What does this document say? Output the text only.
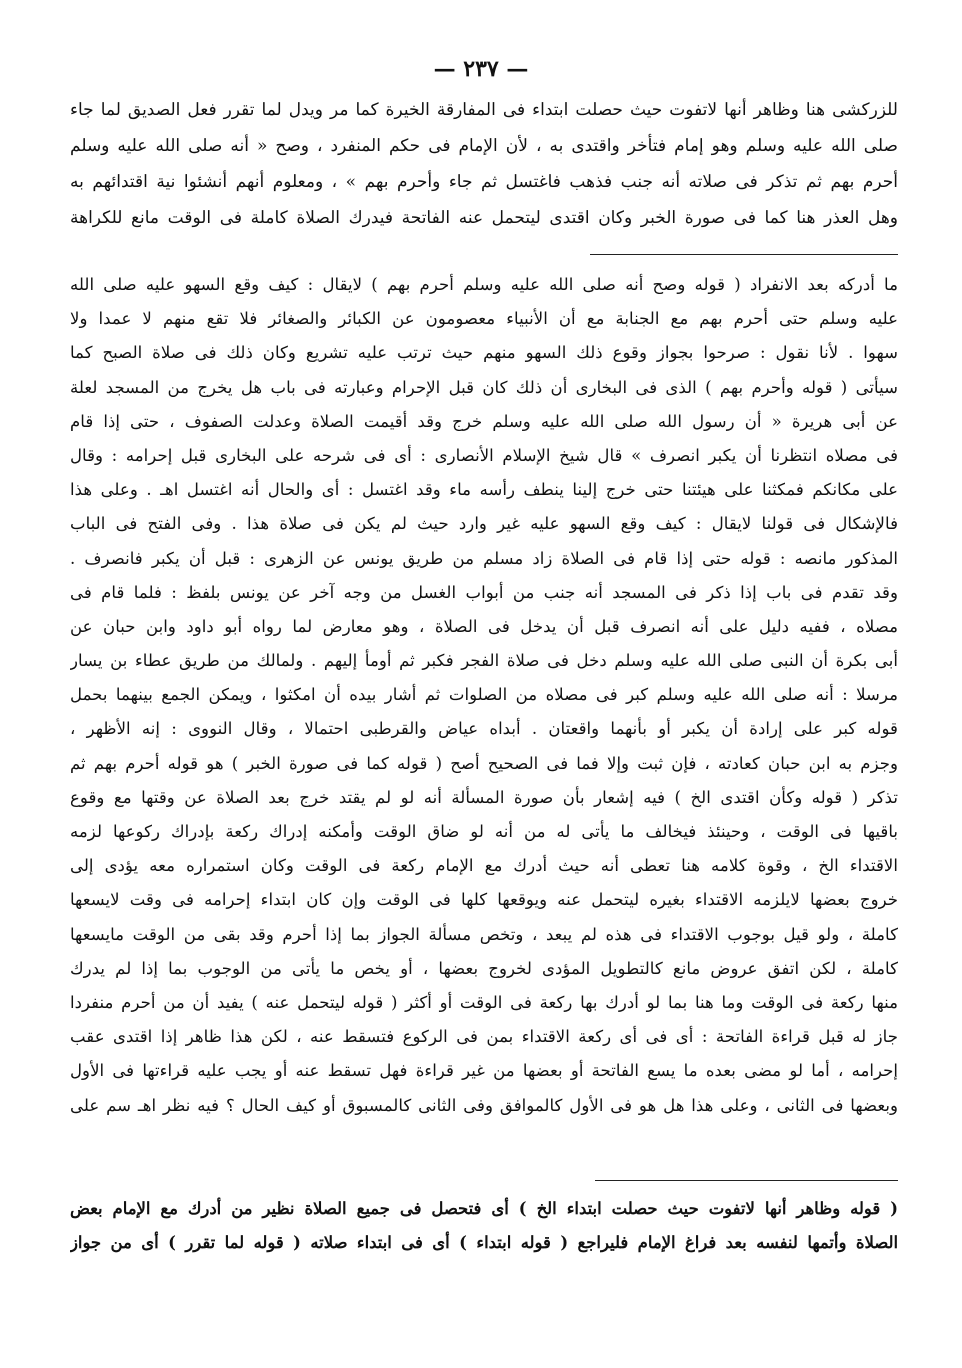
— ٢٣٧ —
للزركشى هنا وظاهر أنها لاتفوت حيث حصلت ابتداء فى المفارقة الخيرة كما مر ويدل لما تقرر فعل الصديق لما جاء
صلى الله عليه وسلم وهو إمام فتأخر واقتدى به ، لأن الإمام فى حكم المنفرد ، وصح « أنه صلى الله عليه وسلم
أحرم بهم ثم تذكر فى صلاته أنه جنب فذهب فاغتسل ثم جاء وأحرم بهم » ، ومعلوم أنهم أنشئوا نية اقتدائهم به
وهل العذر هنا كما فى صورة الخبر وكان اقتدى ليتحمل عنه الفاتحة فيدرك الصلاة كاملة فى الوقت مانع للكراهة
ما أدركه بعد الانفراد ( قوله وصح أنه صلى الله عليه وسلم أحرم بهم ) لايقال : كيف وقع السهو عليه صلى الله
عليه وسلم حتى أحرم بهم مع الجنابة مع أن الأنبياء معصومون عن الكبائر والصغائر فلا تقع منهم لا عمدا ولا
سهوا . لأنا نقول : صرحوا بجواز وقوع ذلك السهو منهم حيث ترتب عليه تشريع وكان ذلك فى صلاة الصبح كما
سيأتى ( قوله وأحرم بهم ) الذى فى البخارى أن ذلك كان قبل الإحرام وعبارته فى باب هل يخرج من المسجد لعلة
عن أبى هريرة « أن رسول الله صلى الله عليه وسلم خرج وقد أقيمت الصلاة وعدلت الصفوف ، حتى إذا قام
فى مصلاه انتظرنا أن يكبر انصرف » قال شيخ الإسلام الأنصارى : أى فى شرحه على البخارى قبل إحرامه : وقال
على مكانكم فمكثنا على هيئتنا حتى خرج إلينا ينطف رأسه ماء وقد اغتسل : أى والحال أنه اغتسل اهـ . وعلى هذا
فالإشكال فى قولنا لايقال : كيف وقع السهو عليه غير وارد حيث لم يكن فى صلاة هذا . وفى الفتح فى الباب
المذكور مانصه : قوله حتى إذا قام فى الصلاة زاد مسلم من طريق يونس عن الزهرى : قبل أن يكبر فانصرف .
وقد تقدم فى باب إذا ذكر فى المسجد أنه جنب من أبواب الغسل من وجه آخر عن يونس بلفظ : فلما قام فى
مصلاه ، ففيه دليل على أنه انصرف قبل أن يدخل فى الصلاة ، وهو معارض لما رواه أبو داود وابن حبان عن
أبى بكرة أن النبى صلى الله عليه وسلم دخل فى صلاة الفجر فكبر ثم أومأ إليهم . ولمالك من طريق عطاء بن يسار
مرسلا : أنه صلى الله عليه وسلم كبر فى مصلاه من الصلوات ثم أشار بيده أن امكثوا ، ويمكن الجمع بينهما بحمل
قوله كبر على إرادة أن يكبر أو بأنهما واقعتان . أبداه عياض والقرطبى احتمالا ، وقال النووى : إنه الأظهر ،
وجزم به ابن حبان كعادته ، فإن ثبت وإلا فما فى الصحيح أصح ( قوله كما فى صورة الخبر ) هو قوله أحرم بهم ثم
تذكر ( قوله وكأن اقتدى الخ ) فيه إشعار بأن صورة المسألة أنه لو لم يقتد خرج بعد الصلاة عن وقتها مع وقوع
باقيها فى الوقت ، وحينئذ فيخالف ما يأتى له من أنه لو ضاق الوقت وأمكنه إدراك ركعة بإدراك ركوعها لزمه
الاقتداء الخ ، وقوة كلامه هنا تعطى أنه حيث أدرك مع الإمام ركعة فى الوقت وكان استمراره معه يؤدى إلى
خروج بعضها لايلزمه الاقتداء بغيره ليتحمل عنه ويوقعها كلها فى الوقت وإن كان ابتداء إحرامه فى وقت لايسعها
كاملة ، ولو قيل بوجوب الاقتداء فى هذه لم يبعد ، وتخص مسألة الجواز بما إذا أحرم وقد بقى من الوقت مايسعها
كاملة ، لكن اتفق عروض مانع كالتطويل المؤدى لخروج بعضها ، أو يخص ما يأتى من الوجوب بما إذا لم يدرك
منها ركعة فى الوقت وما هنا بما لو أدرك بها ركعة فى الوقت أو أكثر ( قوله ليتحمل عنه ) يفيد أن من أحرم منفردا
جاز له قبل قراءة الفاتحة : أى فى أى ركعة الاقتداء بمن فى الركوع فتسقط عنه ، لكن هذا ظاهر إذا اقتدى عقب
إحرامه ، أما لو مضى بعده ما يسع الفاتحة أو بعضها من غير قراءة فهل تسقط عنه أو يجب عليه قراءتها فى الأول
وبعضها فى الثانى ، وعلى هذا هل هو فى الأول كالموافق وفى الثانى كالمسبوق أو كيف الحال ؟ فيه نظر اهـ سم على
( قوله وظاهر أنها لاتفوت حيث حصلت ابتداء الخ ) أى فتحصل فى جميع الصلاة نظير من أدرك مع الإمام بعض
الصلاة وأتمها لنفسه بعد فراغ الإمام فليراجع ( قوله ابتداء ) أى فى ابتداء صلاته ( قوله لما تقرر ) أى من جواز
